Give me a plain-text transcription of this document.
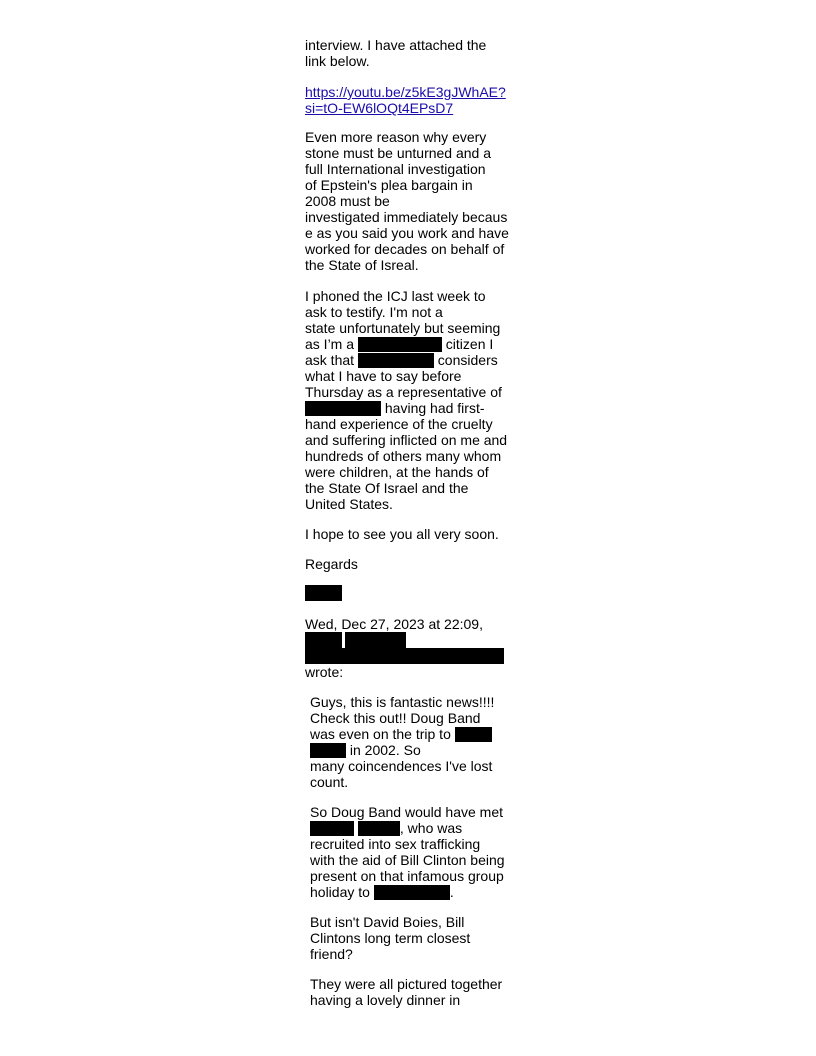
interview. I have attached the
link below.

https://youtu.be/z5kE3gJWhAE?
si=tO-EW6lOQt4EPsD7

Even more reason why every
stone must be unturned and a
full International investigation
of Epstein's plea bargain in
2008 must be
investigated immediately becaus
e as you said you work and have
worked for decades on behalf of
the State of Isreal.

I phoned the ICJ last week to
ask to testify. I'm not a
state unfortunately but seeming
as I’m a	citizen I
ask that	considers
what I have to say before
Thursday as a representative of
having had first-
hand experience of the cruelty
and suffering inflicted on me and
hundreds of others many whom
were children, at the hands of
the State Of Israel and the
United States.

I hope to see you all very soon.

Regards

Wed, Dec 27, 2023 at 22:09,

wrote:

Guys, this is fantastic news!!!!
Check this out!! Doug Band
was even on the trip to
in 2002. So
many coincendences I've lost
count.

So Doug Band would have met
, who was
recruited into sex trafficking
with the aid of Bill Clinton being
present on that infamous group
holiday to	.

But isn't David Boies, Bill
Clintons long term closest
friend?

They were all pictured together
having a lovely dinner in
